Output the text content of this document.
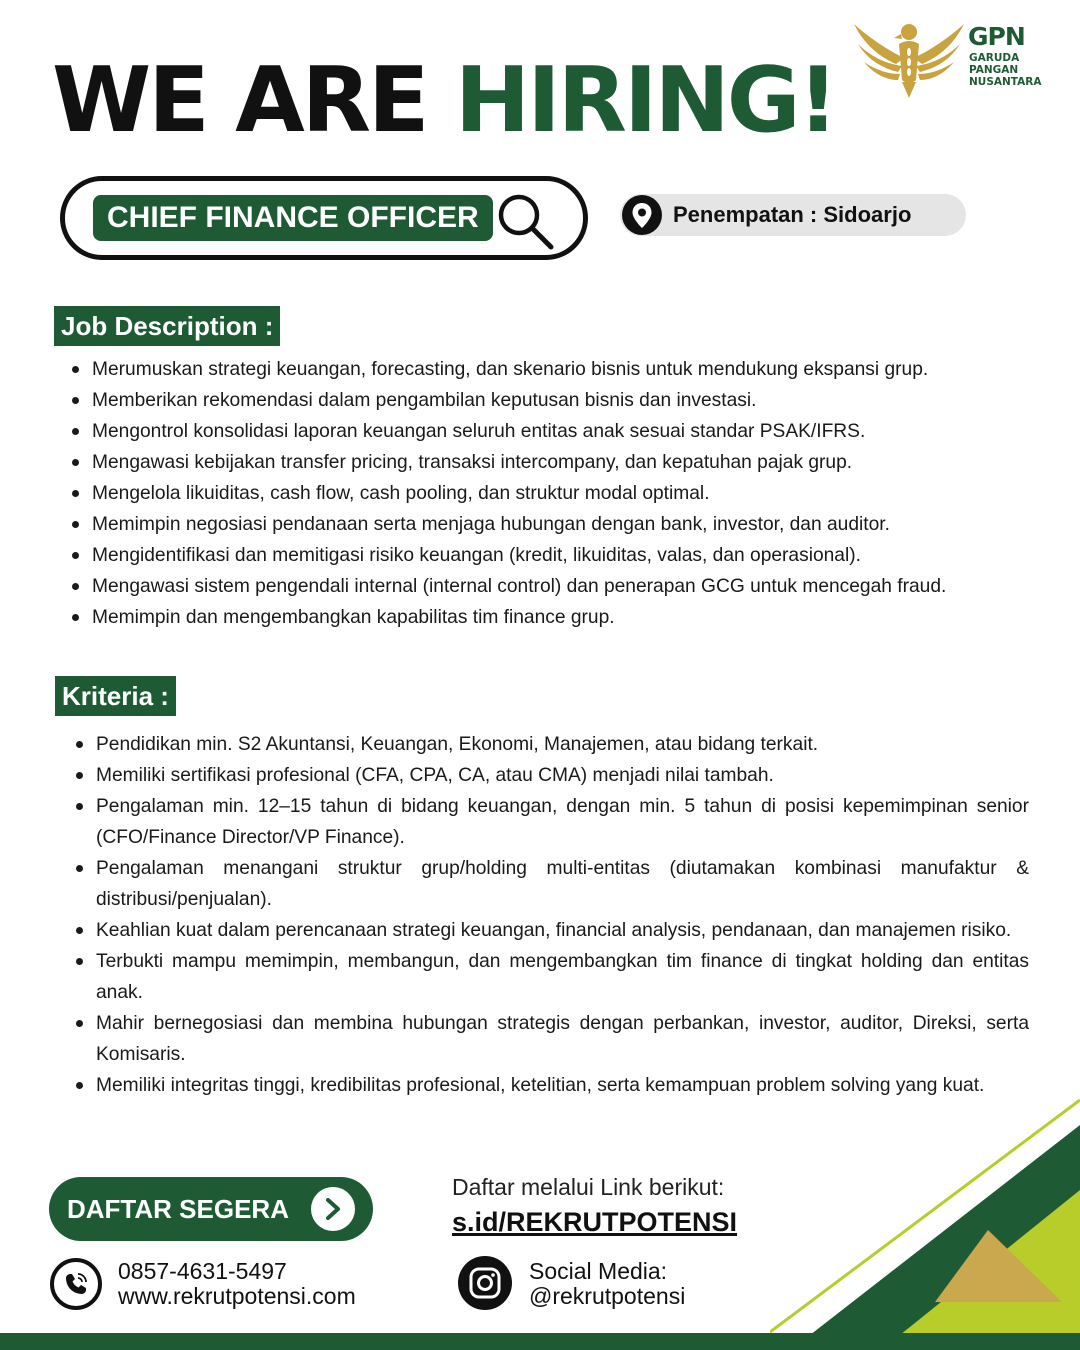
WE ARE HIRING!
GPN
GARUDA
PANGAN
NUSANTARA
CHIEF FINANCE OFFICER	Penempatan : Sidoarjo
Job Description :
Merumuskan strategi keuangan, forecasting, dan skenario bisnis untuk mendukung ekspansi grup.
Memberikan rekomendasi dalam pengambilan keputusan bisnis dan investasi.
Mengontrol konsolidasi laporan keuangan seluruh entitas anak sesuai standar PSAK/IFRS.
Mengawasi kebijakan transfer pricing, transaksi intercompany, dan kepatuhan pajak grup.
Mengelola likuiditas, cash flow, cash pooling, dan struktur modal optimal.
Memimpin negosiasi pendanaan serta menjaga hubungan dengan bank, investor, dan auditor.
Mengidentifikasi dan memitigasi risiko keuangan (kredit, likuiditas, valas, dan operasional).
Mengawasi sistem pengendali internal (internal control) dan penerapan GCG untuk mencegah fraud.
Memimpin dan mengembangkan kapabilitas tim finance grup.
Kriteria :
Pendidikan min. S2 Akuntansi, Keuangan, Ekonomi, Manajemen, atau bidang terkait.
Memiliki sertifikasi profesional (CFA, CPA, CA, atau CMA) menjadi nilai tambah.
Pengalaman min. 12–15 tahun di bidang keuangan, dengan min. 5 tahun di posisi kepemimpinan senior (CFO/Finance Director/VP Finance).
Pengalaman menangani struktur grup/holding multi-entitas (diutamakan kombinasi manufaktur & distribusi/penjualan).
Keahlian kuat dalam perencanaan strategi keuangan, financial analysis, pendanaan, dan manajemen risiko.
Terbukti mampu memimpin, membangun, dan mengembangkan tim finance di tingkat holding dan entitas anak.
Mahir bernegosiasi dan membina hubungan strategis dengan perbankan, investor, auditor, Direksi, serta Komisaris.
Memiliki integritas tinggi, kredibilitas profesional, ketelitian, serta kemampuan problem solving yang kuat.
DAFTAR SEGERA
0857-4631-5497
www.rekrutpotensi.com
Daftar melalui Link berikut:
s.id/REKRUTPOTENSI
Social Media:
@rekrutpotensi
